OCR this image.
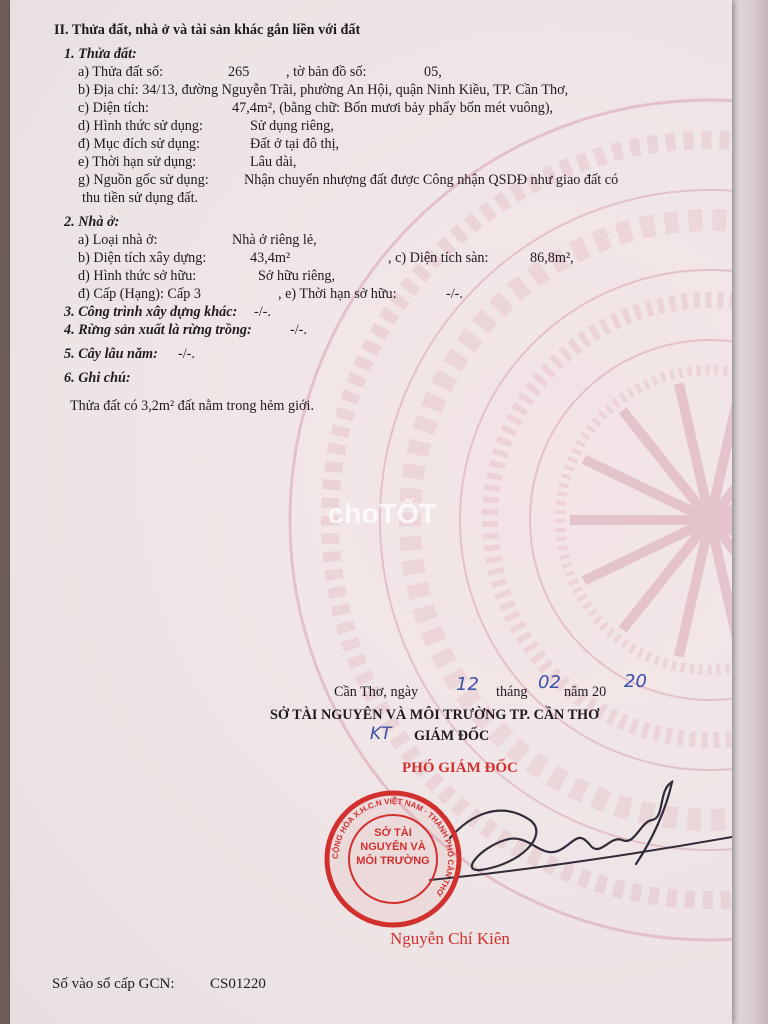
II. Thửa đất, nhà ở và tài sản khác gắn liền với đất
1. Thửa đất:
a) Thửa đất số:	265	, tờ bản đồ số:	05,
b) Địa chỉ: 34/13, đường Nguyễn Trãi, phường An Hội, quận Ninh Kiều, TP. Cần Thơ,
c) Diện tích:	47,4m², (bằng chữ: Bốn mươi bảy phẩy bốn mét vuông),
d) Hình thức sử dụng:	Sử dụng riêng,
đ) Mục đích sử dụng:	Đất ở tại đô thị,
e) Thời hạn sử dụng:	Lâu dài,
g) Nguồn gốc sử dụng: Nhận chuyển nhượng đất được Công nhận QSDĐ như giao đất có
thu tiền sử dụng đất.
2. Nhà ở:
a) Loại nhà ở:	Nhà ở riêng lẻ,
b) Diện tích xây dựng:	43,4m²	, c) Diện tích sàn:	86,8m²,
d) Hình thức sở hữu:	Sở hữu riêng,
đ) Cấp (Hạng): Cấp 3	, e) Thời hạn sở hữu:	-/-.
3. Công trình xây dựng khác: -/-.
4. Rừng sản xuất là rừng trồng:	-/-.
5. Cây lâu năm: -/-.
6. Ghi chú:
Thửa đất có 3,2m² đất nằm trong hẻm giới.
choTỐT
Cần Thơ, ngày 12 tháng 02 năm 20 20
SỞ TÀI NGUYÊN VÀ MÔI TRƯỜNG TP. CẦN THƠ
KT GIÁM ĐỐC
PHÓ GIÁM ĐỐC
CỘNG HÒA X.H.C.N VIỆT NAM · THÀNH PHỐ CẦN THƠ
SỞ TÀI NGUYÊN VÀ MÔI TRƯỜNG
Nguyễn Chí Kiên
Số vào sổ cấp GCN: CS01220
